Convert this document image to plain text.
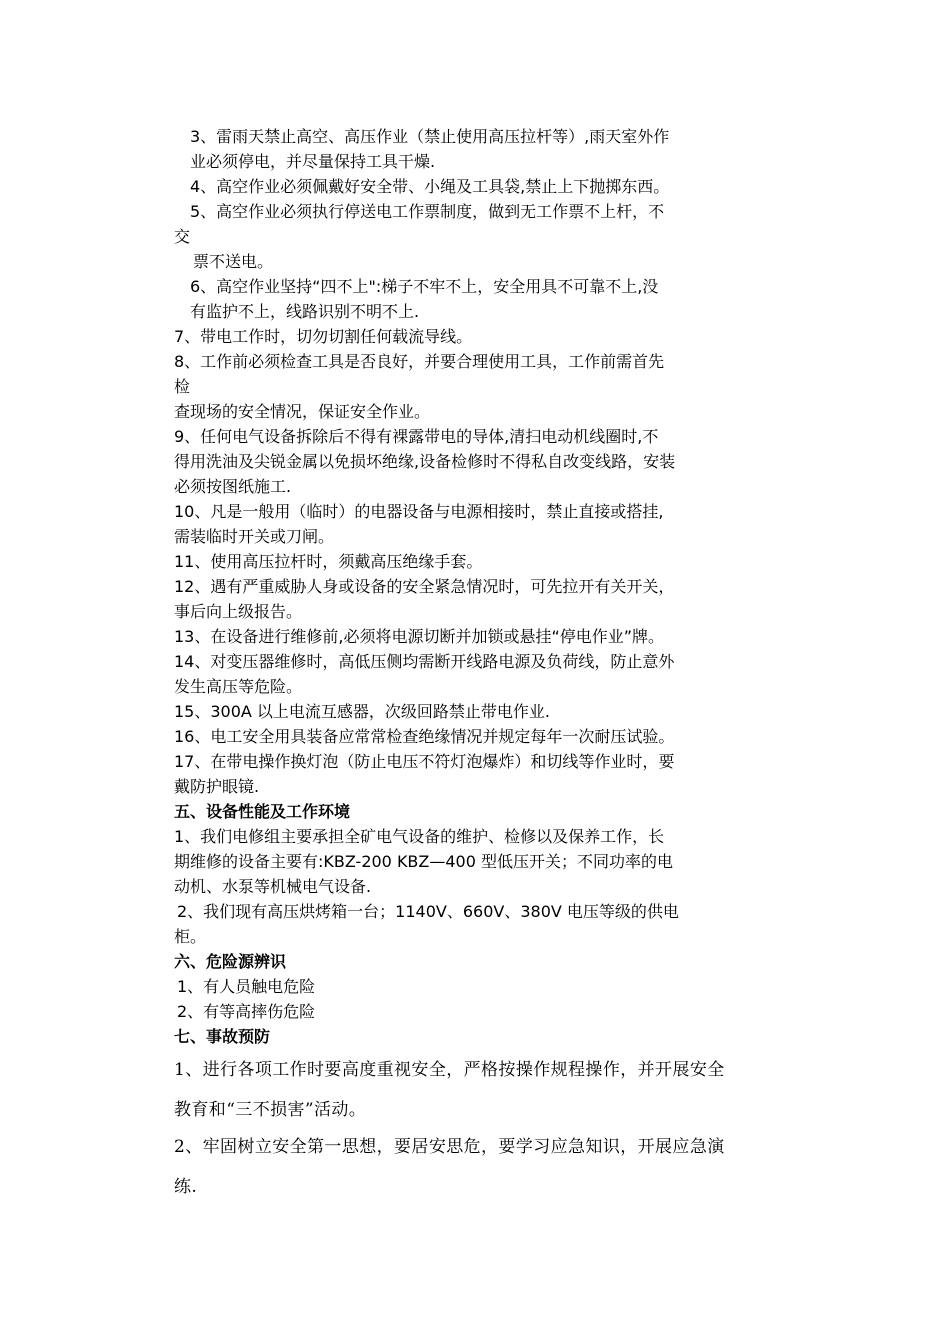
3、雷雨天禁止高空、高压作业（禁止使用高压拉杆等）,雨天室外作

业必须停电，并尽量保持工具干燥.

4、高空作业必须佩戴好安全带、小绳及工具袋,禁止上下抛掷东西。

5、高空作业必须执行停送电工作票制度，做到无工作票不上杆，不

交

票不送电。

6、高空作业坚持“四不上":梯子不牢不上，安全用具不可靠不上,没

有监护不上，线路识别不明不上.

7、带电工作时，切勿切割任何载流导线。

8、工作前必须检查工具是否良好，并要合理使用工具，工作前需首先

检

查现场的安全情况，保证安全作业。

9、任何电气设备拆除后不得有裸露带电的导体,清扫电动机线圈时,不

得用洗油及尖锐金属以免损坏绝缘,设备检修时不得私自改变线路，安装

必须按图纸施工.

10、凡是一般用（临时）的电器设备与电源相接时，禁止直接或搭挂,

需装临时开关或刀闸。

11、使用高压拉杆时，须戴高压绝缘手套。

12、遇有严重威胁人身或设备的安全紧急情况时，可先拉开有关开关，

事后向上级报告。

13、在设备进行维修前,必须将电源切断并加锁或悬挂“停电作业”牌。

14、对变压器维修时，高低压侧均需断开线路电源及负荷线，防止意外

发生高压等危险。

15、300A 以上电流互感器，次级回路禁止带电作业.

16、电工安全用具装备应常常检查绝缘情况并规定每年一次耐压试验。

17、在带电操作换灯泡（防止电压不符灯泡爆炸）和切线等作业时，要

戴防护眼镜.

五、设备性能及工作环境

1、我们电修组主要承担全矿电气设备的维护、检修以及保养工作，长

期维修的设备主要有:KBZ-200 KBZ—400 型低压开关；不同功率的电

动机、水泵等机械电气设备.

2、我们现有高压烘烤箱一台；1140V、660V、380V 电压等级的供电

柜。

六、危险源辨识

1、有人员触电危险

2、有等高摔伤危险

七、事故预防

1、进行各项工作时要高度重视安全，严格按操作规程操作，并开展安全

教育和“三不损害”活动。

2、牢固树立安全第一思想，要居安思危，要学习应急知识，开展应急演

练.
